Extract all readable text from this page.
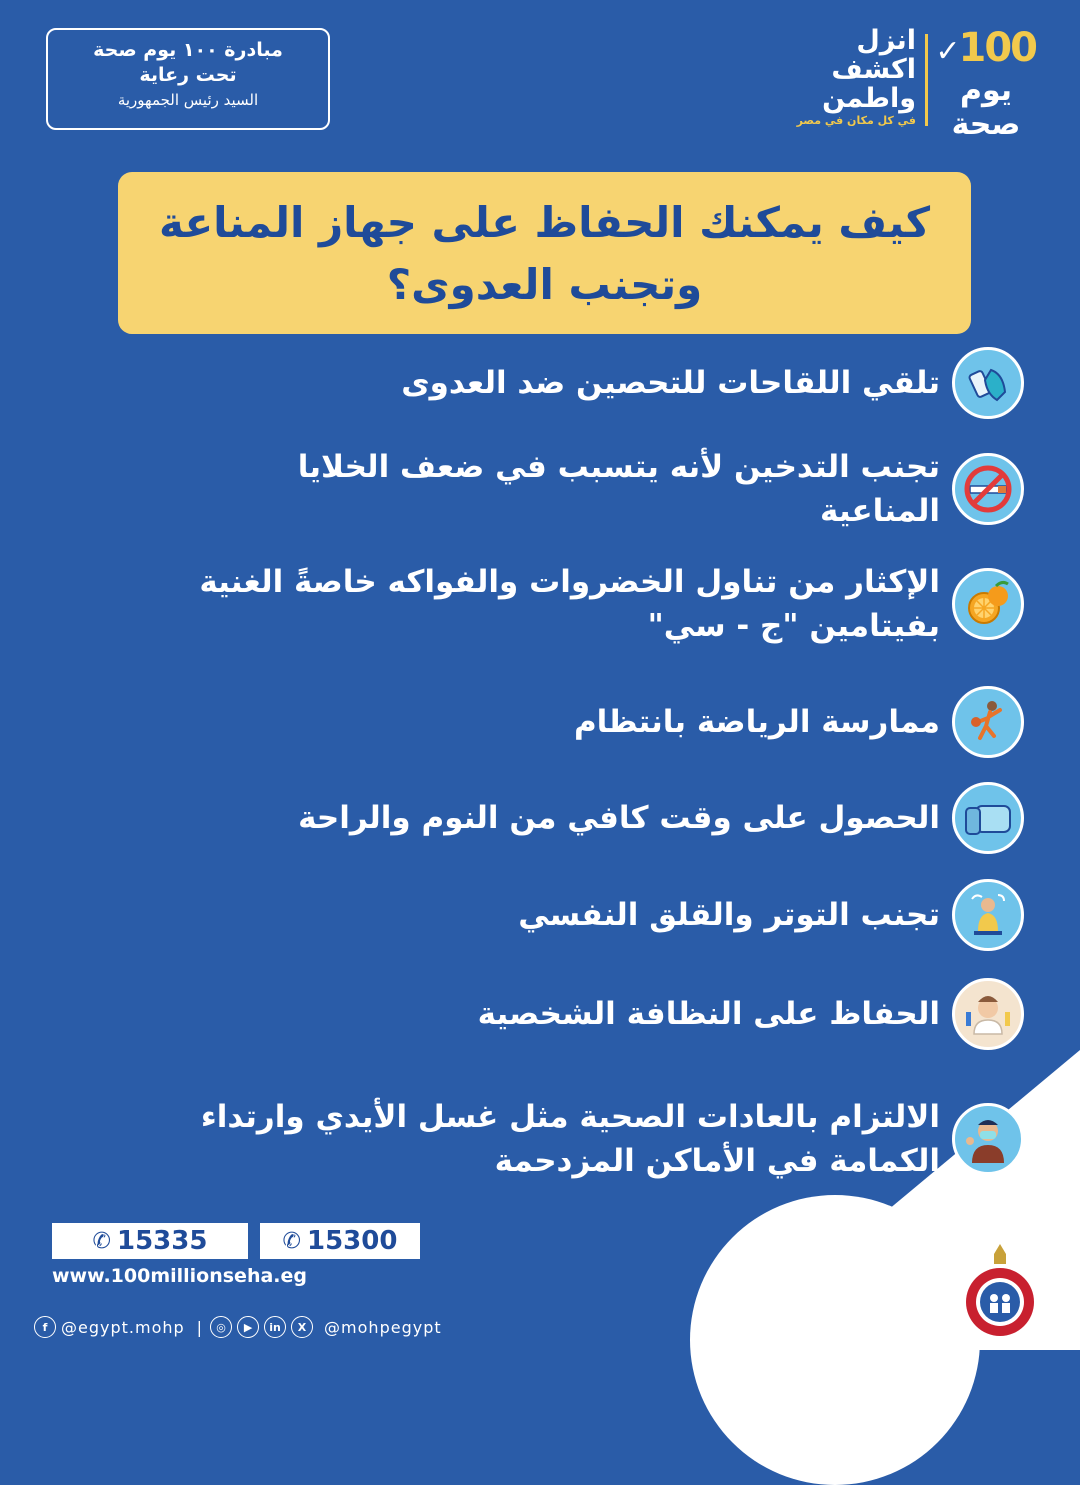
مبادرة ١٠٠ يوم صحة
تحت رعاية
السيد رئيس الجمهورية
100✓
يوم
صحة
انزل
اكشف
واطمن
في كل مكان في مصر
كيف يمكنك الحفاظ على جهاز المناعة
وتجنب العدوى؟
تلقي اللقاحات للتحصين ضد العدوى
تجنب التدخين لأنه يتسبب في ضعف الخلايا المناعية
الإكثار من تناول الخضروات والفواكه خاصةً الغنية بفيتامين "ج - سي"
ممارسة الرياضة بانتظام
الحصول على وقت كافي من النوم والراحة
تجنب التوتر والقلق النفسي
الحفاظ على النظافة الشخصية
الالتزام بالعادات الصحية مثل غسل الأيدي وارتداء الكمامة في الأماكن المزدحمة
✆ 15335	✆ 15300
www.100millionseha.eg
f @egypt.mohp |	◎	▶	in	X	@mohpegypt
